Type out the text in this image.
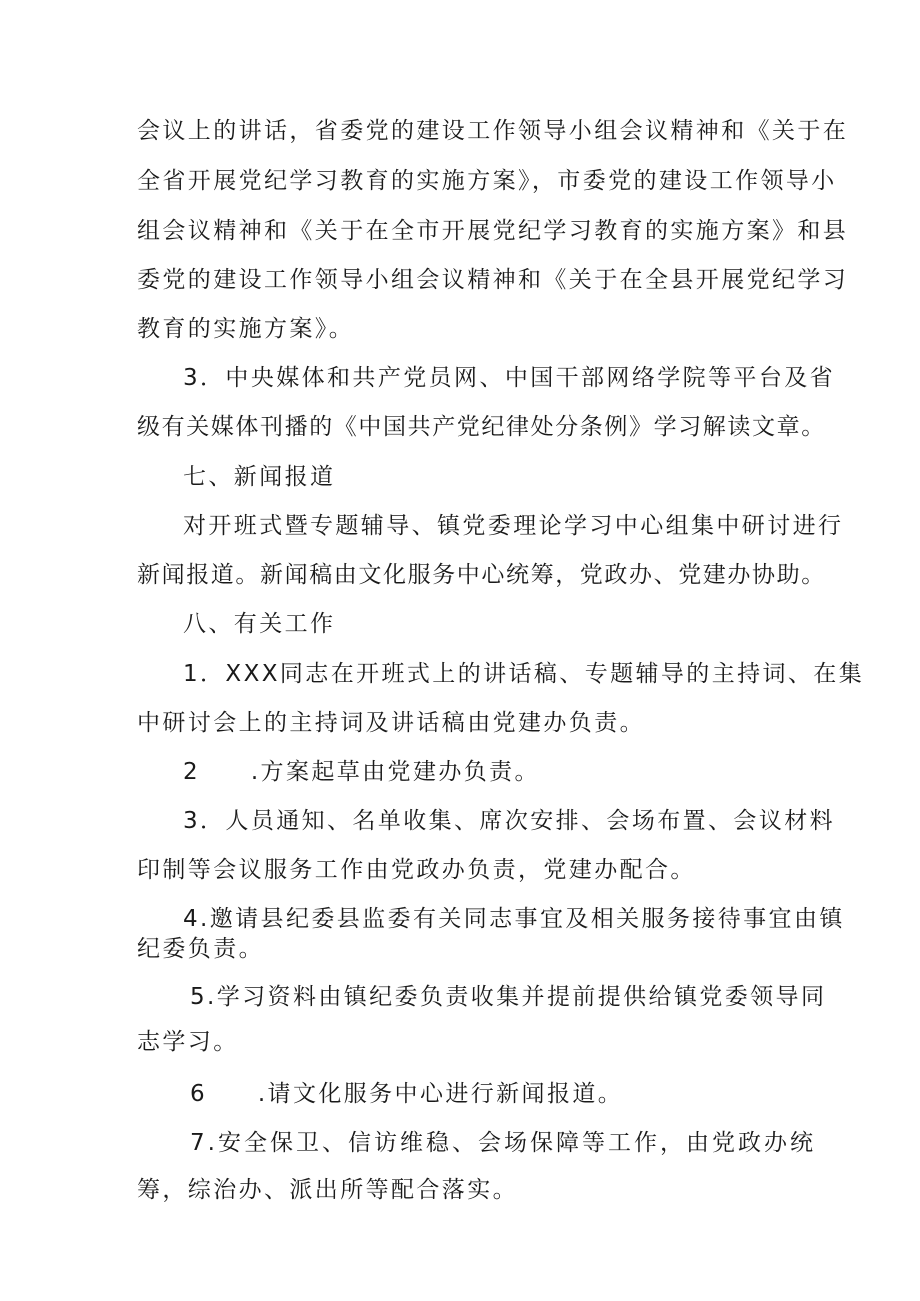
会议上的讲话，省委党的建设工作领导小组会议精神和《关于在
全省开展党纪学习教育的实施方案》，市委党的建设工作领导小
组会议精神和《关于在全市开展党纪学习教育的实施方案》和县
委党的建设工作领导小组会议精神和《关于在全县开展党纪学习
教育的实施方案》。
3．中央媒体和共产党员网、中国干部网络学院等平台及省
级有关媒体刊播的《中国共产党纪律处分条例》学习解读文章。
七、新闻报道
对开班式暨专题辅导、镇党委理论学习中心组集中研讨进行
新闻报道。新闻稿由文化服务中心统筹，党政办、党建办协助。
八、有关工作
1．XXX同志在开班式上的讲话稿、专题辅导的主持词、在集
中研讨会上的主持词及讲话稿由党建办负责。
2　　.方案起草由党建办负责。
3．人员通知、名单收集、席次安排、会场布置、会议材料
印制等会议服务工作由党政办负责，党建办配合。
4.邀请县纪委县监委有关同志事宜及相关服务接待事宜由镇
纪委负责。
5.学习资料由镇纪委负责收集并提前提供给镇党委领导同
志学习。
6　　.请文化服务中心进行新闻报道。
7.安全保卫、信访维稳、会场保障等工作，由党政办统
筹，综治办、派出所等配合落实。
